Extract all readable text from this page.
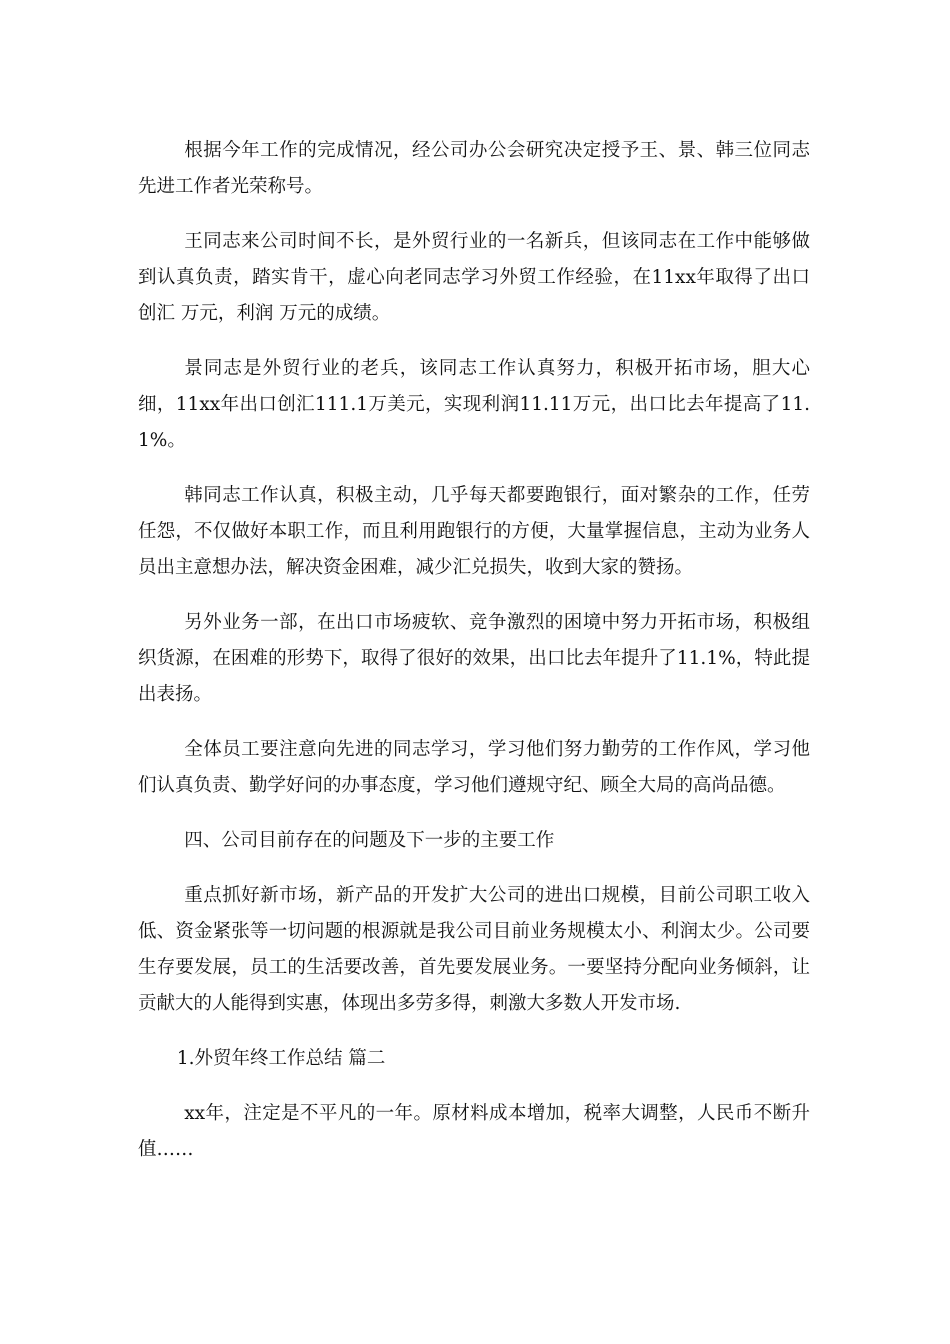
根据今年工作的完成情况，经公司办公会研究决定授予王、景、韩三位同志先进工作者光荣称号。

王同志来公司时间不长，是外贸行业的一名新兵，但该同志在工作中能够做到认真负责，踏实肯干，虚心向老同志学习外贸工作经验，在11xx年取得了出口创汇 万元，利润 万元的成绩。

景同志是外贸行业的老兵，该同志工作认真努力，积极开拓市场，胆大心细，11xx年出口创汇111.1万美元，实现利润11.11万元，出口比去年提高了11.1%。

韩同志工作认真，积极主动，几乎每天都要跑银行，面对繁杂的工作，任劳任怨，不仅做好本职工作，而且利用跑银行的方便，大量掌握信息，主动为业务人员出主意想办法，解决资金困难，减少汇兑损失，收到大家的赞扬。

另外业务一部，在出口市场疲软、竞争激烈的困境中努力开拓市场，积极组织货源，在困难的形势下，取得了很好的效果，出口比去年提升了11.1%，特此提出表扬。

全体员工要注意向先进的同志学习，学习他们努力勤劳的工作作风，学习他们认真负责、勤学好问的办事态度，学习他们遵规守纪、顾全大局的高尚品德。

四、公司目前存在的问题及下一步的主要工作

重点抓好新市场，新产品的开发扩大公司的进出口规模，目前公司职工收入低、资金紧张等一切问题的根源就是我公司目前业务规模太小、利润太少。公司要生存要发展，员工的生活要改善，首先要发展业务。一要坚持分配向业务倾斜，让贡献大的人能得到实惠，体现出多劳多得，刺激大多数人开发市场.

1.外贸年终工作总结 篇二

xx年，注定是不平凡的一年。原材料成本增加，税率大调整，人民币不断升值……
